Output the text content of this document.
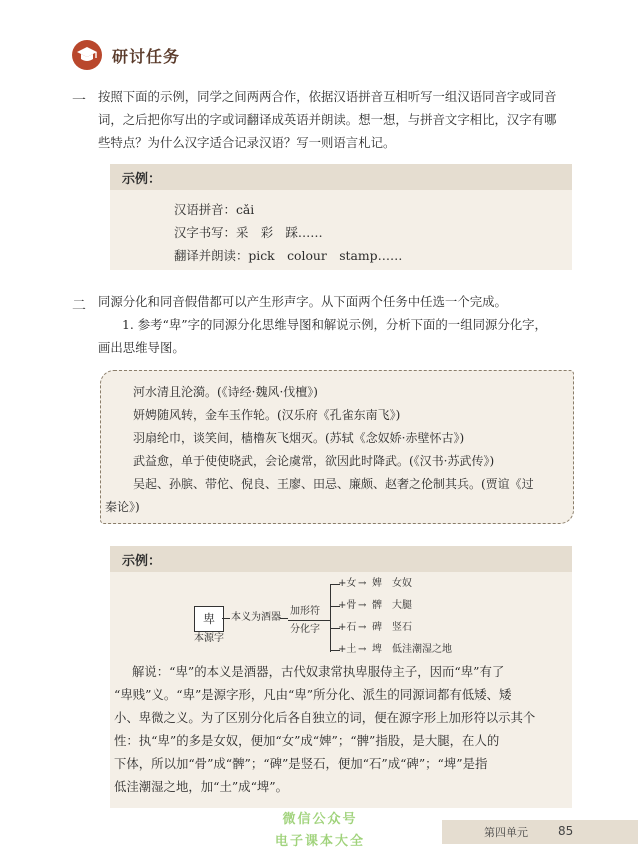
研讨任务
一 按照下面的示例，同学之间两两合作，依据汉语拼音互相听写一组汉语同音字或同音

词，之后把你写出的字或词翻译成英语并朗读。想一想，与拼音文字相比，汉字有哪

些特点？为什么汉字适合记录汉语？写一则语言札记。

示例：

汉语拼音：cǎi

汉字书写：采　彩　踩……

翻译并朗读：pick　colour　stamp……

二 同源分化和同音假借都可以产生形声字。从下面两个任务中任选一个完成。

1. 参考“卑”字的同源分化思维导图和解说示例，分析下面的一组同源分化字，

画出思维导图。

河水清且沦漪。(《诗经·魏风·伐檀》)
妍娉随风转，金车玉作轮。(汉乐府《孔雀东南飞》)
羽扇纶巾，谈笑间，樯橹灰飞烟灭。(苏轼《念奴娇·赤壁怀古》)
武益愈，单于使使晓武，会论虞常，欲因此时降武。(《汉书·苏武传》)
吴起、孙膑、带佗、倪良、王廖、田忌、廉颇、赵奢之伦制其兵。(贾谊《过
秦论》)
示例：
卑
本源字
本义为酒器
加形符
分化字
+女 → 婢 女奴
+骨 → 髀 大腿
+石 → 碑 竖石
+土 → 埤 低洼潮湿之地

解说：“卑”的本义是酒器，古代奴隶常执卑服侍主子，因而“卑”有了

“卑贱”义。“卑”是源字形，凡由“卑”所分化、派生的同源词都有低矮、矮

小、卑微之义。为了区别分化后各自独立的词，便在源字形上加形符以示其个

性：执“卑”的多是女奴，便加“女”成“婢”；“髀”指股，是大腿，在人的

下体，所以加“骨”成“髀”；“碑”是竖石，便加“石”成“碑”；“埤”是指

低洼潮湿之地，加“土”成“埤”。

微信公众号
电子课本大全
第四单元	85
